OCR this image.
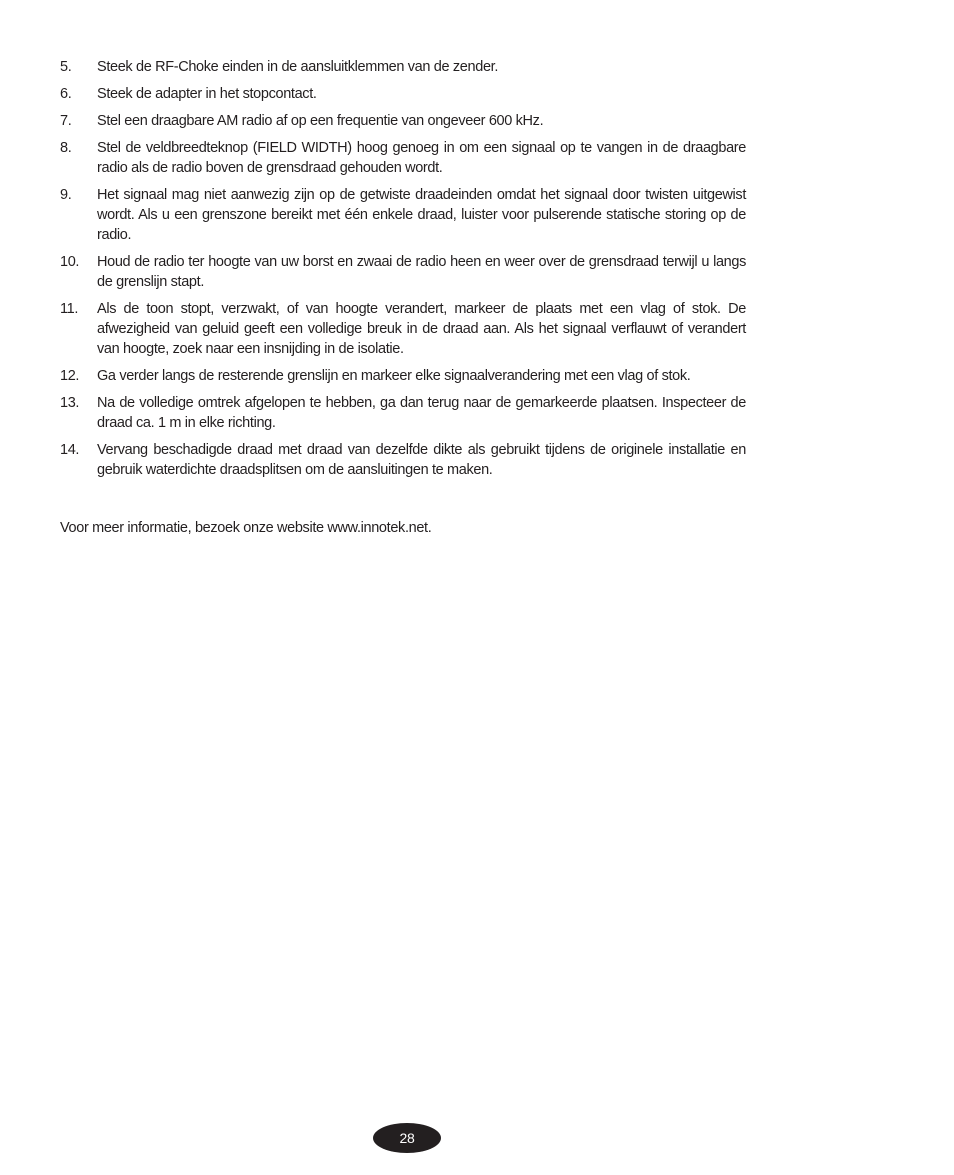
5.	Steek de RF-Choke einden in de aansluitklemmen van de zender.
6.	Steek de adapter in het stopcontact.
7.	Stel een draagbare AM radio af op een frequentie van ongeveer 600 kHz.
8.	Stel de veldbreedteknop (FIELD WIDTH) hoog genoeg in om een signaal op te vangen in de draagbare radio als de radio boven de grensdraad gehouden wordt.
9.	Het signaal mag niet aanwezig zijn op de getwiste draadeinden omdat het signaal door twisten uitgewist wordt. Als u een grenszone bereikt met één enkele draad, luister voor pulserende statische storing op de radio.
10.	Houd de radio ter hoogte van uw borst en zwaai de radio heen en weer over de grensdraad terwijl u langs de grenslijn stapt.
11.	Als de toon stopt, verzwakt, of van hoogte verandert, markeer de plaats met een vlag of stok. De afwezigheid van geluid geeft een volledige breuk in de draad aan. Als het signaal verflauwt of verandert van hoogte, zoek naar een insnijding in de isolatie.
12.	Ga verder langs de resterende grenslijn en markeer elke signaalverandering met een vlag of stok.
13.	Na de volledige omtrek afgelopen te hebben, ga dan terug naar de gemarkeerde plaatsen. Inspecteer de draad ca. 1 m in elke richting.
14.	Vervang beschadigde draad met draad van dezelfde dikte als gebruikt tijdens de originele installatie en gebruik waterdichte draadsplitsen om de aansluitingen te maken.

Voor meer informatie, bezoek onze website www.innotek.net.

28
